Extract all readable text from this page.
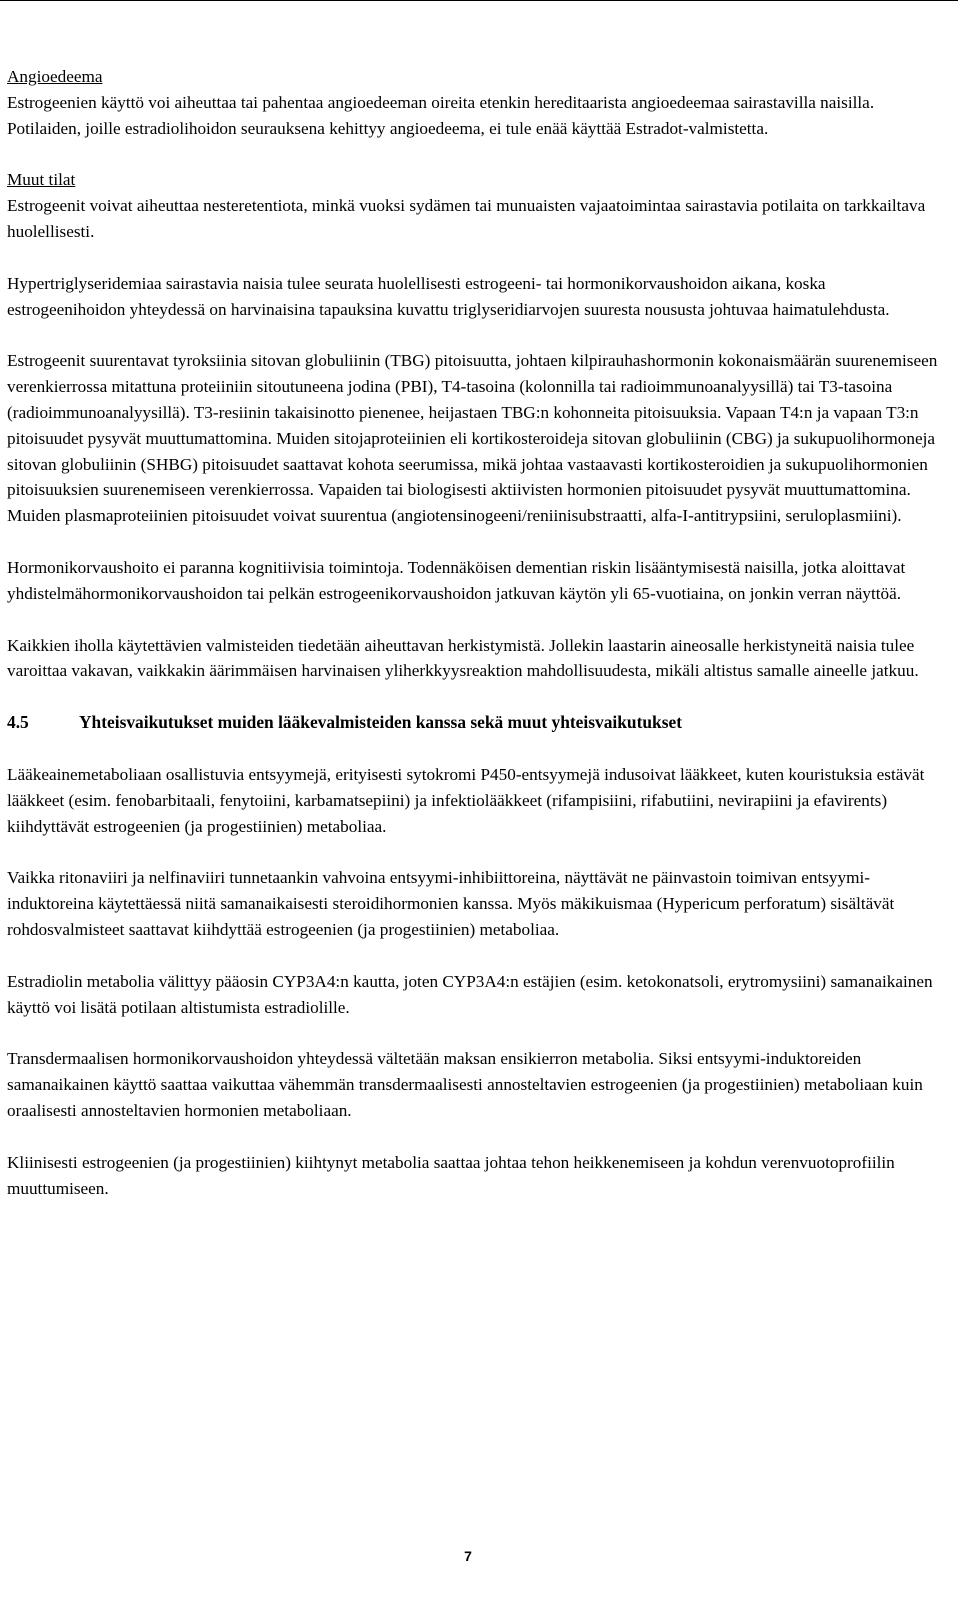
Angioedeema

Estrogeenien käyttö voi aiheuttaa tai pahentaa angioedeeman oireita etenkin hereditaarista angioedeemaa sairastavilla naisilla.

Potilaiden, joille estradiolihoidon seurauksena kehittyy angioedeema, ei tule enää käyttää Estradot-valmistetta.

Muut tilat

Estrogeenit voivat aiheuttaa nesteretentiota, minkä vuoksi sydämen tai munuaisten vajaatoimintaa sairastavia potilaita on tarkkailtava huolellisesti.

Hypertriglyseridemiaa sairastavia naisia tulee seurata huolellisesti estrogeeni- tai hormonikorvaushoidon aikana, koska estrogeenihoidon yhteydessä on harvinaisina tapauksina kuvattu triglyseridiarvojen suuresta noususta johtuvaa haimatulehdusta.

Estrogeenit suurentavat tyroksiinia sitovan globuliinin (TBG) pitoisuutta, johtaen kilpirauhashormonin kokonaismäärän suurenemiseen verenkierrossa mitattuna proteiiniin sitoutuneena jodina (PBI), T4-tasoina (kolonnilla tai radioimmunoanalyysillä) tai T3-tasoina (radioimmunoanalyysillä). T3-resiinin takaisinotto pienenee, heijastaen TBG:n kohonneita pitoisuuksia. Vapaan T4:n ja vapaan T3:n pitoisuudet pysyvät muuttumattomina. Muiden sitojaproteiinien eli kortikosteroideja sitovan globuliinin (CBG) ja sukupuolihormoneja sitovan globuliinin (SHBG) pitoisuudet saattavat kohota seerumissa, mikä johtaa vastaavasti kortikosteroidien ja sukupuolihormonien pitoisuuksien suurenemiseen verenkierrossa. Vapaiden tai biologisesti aktiivisten hormonien pitoisuudet pysyvät muuttumattomina. Muiden plasmaproteiinien pitoisuudet voivat suurentua (angiotensinogeeni/reniinisubstraatti, alfa-I-antitrypsiini, seruloplasmiini).

Hormonikorvaushoito ei paranna kognitiivisia toimintoja. Todennäköisen dementian riskin lisääntymisestä naisilla, jotka aloittavat yhdistelmähormonikorvaushoidon tai pelkän estrogeenikorvaushoidon jatkuvan käytön yli 65-vuotiaina, on jonkin verran näyttöä.

Kaikkien iholla käytettävien valmisteiden tiedetään aiheuttavan herkistymistä. Jollekin laastarin aineosalle herkistyneitä naisia tulee varoittaa vakavan, vaikkakin äärimmäisen harvinaisen yliherkkyysreaktion mahdollisuudesta, mikäli altistus samalle aineelle jatkuu.

4.5	Yhteisvaikutukset muiden lääkevalmisteiden kanssa sekä muut yhteisvaikutukset

Lääkeainemetaboliaan osallistuvia entsyymejä, erityisesti sytokromi P450-entsyymejä indusoivat lääkkeet, kuten kouristuksia estävät lääkkeet (esim. fenobarbitaali, fenytoiini, karbamatsepiini) ja infektiolääkkeet (rifampisiini, rifabutiini, nevirapiini ja efavirents) kiihdyttävät estrogeenien (ja progestiinien) metaboliaa.

Vaikka ritonaviiri ja nelfinaviiri tunnetaankin vahvoina entsyymi-inhibiittoreina, näyttävät ne päinvastoin toimivan entsyymi-induktoreina käytettäessä niitä samanaikaisesti steroidihormonien kanssa. Myös mäkikuismaa (Hypericum perforatum) sisältävät rohdosvalmisteet saattavat kiihdyttää estrogeenien (ja progestiinien) metaboliaa.

Estradiolin metabolia välittyy pääosin CYP3A4:n kautta, joten CYP3A4:n estäjien (esim. ketokonatsoli, erytromysiini) samanaikainen käyttö voi lisätä potilaan altistumista estradiolille.

Transdermaalisen hormonikorvaushoidon yhteydessä vältetään maksan ensikierron metabolia. Siksi entsyymi-induktoreiden samanaikainen käyttö saattaa vaikuttaa vähemmän transdermaalisesti annosteltavien estrogeenien (ja progestiinien) metaboliaan kuin oraalisesti annosteltavien hormonien metaboliaan.

Kliinisesti estrogeenien (ja progestiinien) kiihtynyt metabolia saattaa johtaa tehon heikkenemiseen ja kohdun verenvuotoprofiilin muuttumiseen.

7
